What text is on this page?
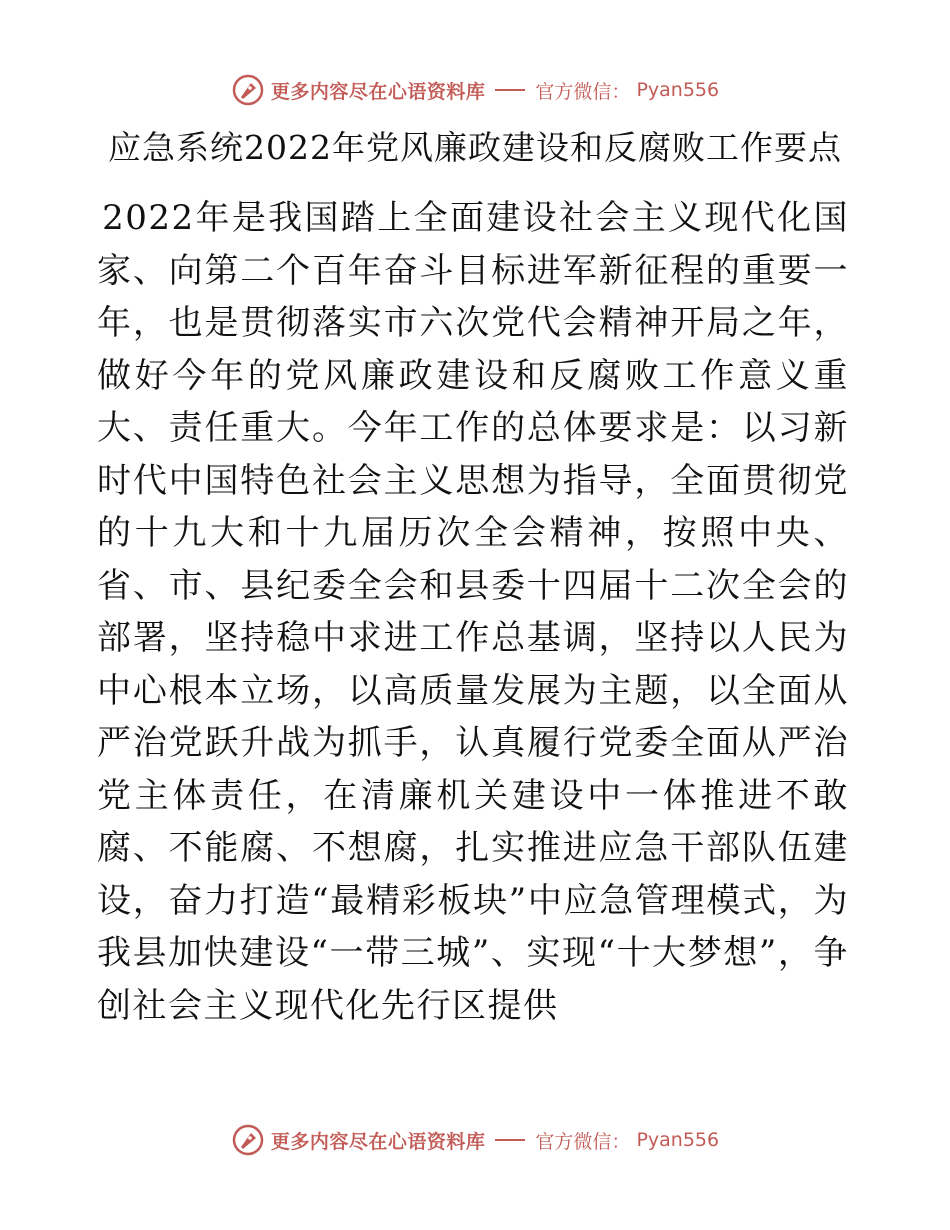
更多内容尽在心语资料库	官方微信： Pyan556
应急系统2022年党风廉政建设和反腐败工作要点

2022年是我国踏上全面建设社会主义现代化国家、向第二个百年奋斗目标进军新征程的重要一年，也是贯彻落实市六次党代会精神开局之年，做好今年的党风廉政建设和反腐败工作意义重大、责任重大。今年工作的总体要求是：以习新时代中国特色社会主义思想为指导，全面贯彻党的十九大和十九届历次全会精神，按照中央、省、市、县纪委全会和县委十四届十二次全会的部署，坚持稳中求进工作总基调，坚持以人民为中心根本立场，以高质量发展为主题，以全面从严治党跃升战为抓手，认真履行党委全面从严治党主体责任，在清廉机关建设中一体推进不敢腐、不能腐、不想腐，扎实推进应急干部队伍建设，奋力打造“最精彩板块”中应急管理模式，为我县加快建设“一带三城”、实现“十大梦想”，争创社会主义现代化先行区提供

更多内容尽在心语资料库	官方微信： Pyan556
